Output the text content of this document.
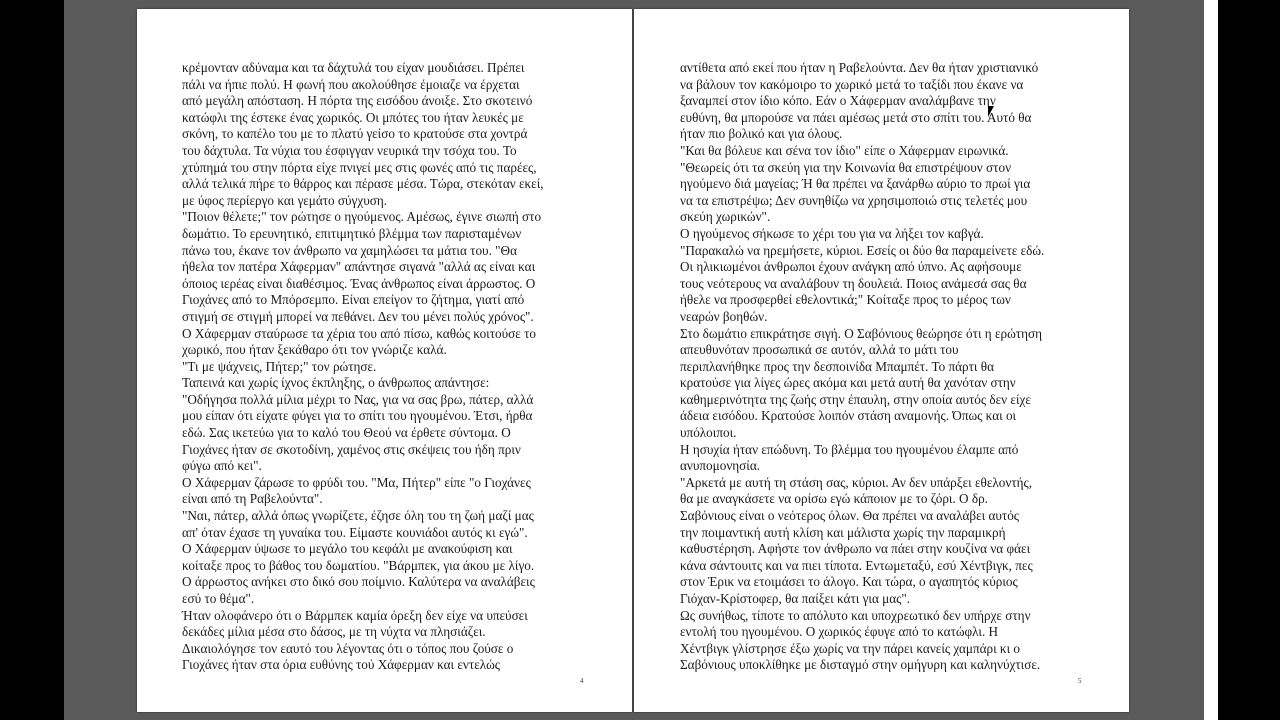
κρέμονταν αδύναμα και τα δάχτυλά του είχαν μουδιάσει. Πρέπει
πάλι να ήπιε πολύ. Η φωνή που ακολούθησε έμοιαζε να έρχεται
από μεγάλη απόσταση. Η πόρτα της εισόδου άνοιξε. Στο σκοτεινό
κατώφλι της έστεκε ένας χωρικός. Οι μπότες του ήταν λευκές με
σκόνη, το καπέλο του με το πλατύ γείσο το κρατούσε στα χοντρά
του δάχτυλα. Τα νύχια του έσφιγγαν νευρικά την τσόχα του. Το
χτύπημά του στην πόρτα είχε πνιγεί μες στις φωνές από τις παρέες,
αλλά τελικά πήρε το θάρρος και πέρασε μέσα. Τώρα, στεκόταν εκεί,
με ύφος περίεργο και γεμάτο σύγχυση.
"Ποιον θέλετε;" τον ρώτησε ο ηγούμενος. Αμέσως, έγινε σιωπή στο
δωμάτιο. Το ερευνητικό, επιτιμητικό βλέμμα των παρισταμένων
πάνω του, έκανε τον άνθρωπο να χαμηλώσει τα μάτια του. "Θα
ήθελα τον πατέρα Χάφερμαν" απάντησε σιγανά "αλλά ας είναι και
όποιος ιερέας είναι διαθέσιμος. Ένας άνθρωπος είναι άρρωστος. Ο
Γιοχάνες από το Μπόρσεμπο. Είναι επείγον το ζήτημα, γιατί από
στιγμή σε στιγμή μπορεί να πεθάνει. Δεν του μένει πολύς χρόνος".
Ο Χάφερμαν σταύρωσε τα χέρια του από πίσω, καθώς κοιτούσε το
χωρικό, που ήταν ξεκάθαρο ότι τον γνώριζε καλά.
"Τι με ψάχνεις, Πήτερ;" τον ρώτησε.
Ταπεινά και χωρίς ίχνος έκπληξης, ο άνθρωπος απάντησε:
"Οδήγησα πολλά μίλια μέχρι το Νας, για να σας βρω, πάτερ, αλλά
μου είπαν ότι είχατε φύγει για το σπίτι του ηγουμένου. Έτσι, ήρθα
εδώ. Σας ικετεύω για το καλό του Θεού να έρθετε σύντομα. Ο
Γιοχάνες ήταν σε σκοτοδίνη, χαμένος στις σκέψεις του ήδη πριν
φύγω από κει".
Ο Χάφερμαν ζάρωσε το φρύδι του. "Μα, Πήτερ" είπε "ο Γιοχάνες
είναι από τη Ραβελούντα".
"Ναι, πάτερ, αλλά όπως γνωρίζετε, έζησε όλη του τη ζωή μαζί μας
απ' όταν έχασε τη γυναίκα του. Είμαστε κουνιάδοι αυτός κι εγώ".
Ο Χάφερμαν ύψωσε το μεγάλο του κεφάλι με ανακούφιση και
κοίταξε προς το βάθος του δωματίου. "Βάρμπεκ, για άκου με λίγο.
Ο άρρωστος ανήκει στο δικό σου ποίμνιο. Καλύτερα να αναλάβεις
εσύ το θέμα".
Ήταν ολοφάνερο ότι ο Βάρμπεκ καμία όρεξη δεν είχε να υπεύσει
δεκάδες μίλια μέσα στο δάσος, με τη νύχτα να πλησιάζει.
Δικαιολόγησε τον εαυτό του λέγοντας ότι ο τόπος που ζούσε ο
Γιοχάνες ήταν στα όρια ευθύνης τού Χάφερμαν και εντελώς
4
αντίθετα από εκεί που ήταν η Ραβελούντα. Δεν θα ήταν χριστιανικό
να βάλουν τον κακόμοιρο το χωρικό μετά το ταξίδι που έκανε να
ξαναμπεί στον ίδιο κόπο. Εάν ο Χάφερμαν αναλάμβανε την
ευθύνη, θα μπορούσε να πάει αμέσως μετά στο σπίτι του. Αυτό θα
ήταν πιο βολικό και για όλους.
"Και θα βόλευε και σένα τον ίδιο" είπε ο Χάφερμαν ειρωνικά.
"Θεωρείς ότι τα σκεύη για την Κοινωνία θα επιστρέψουν στον
ηγούμενο διά μαγείας; Ή θα πρέπει να ξανάρθω αύριο το πρωί για
να τα επιστρέψω; Δεν συνηθίζω να χρησιμοποιώ στις τελετές μου
σκεύη χωρικών".
Ο ηγούμενος σήκωσε το χέρι του για να λήξει τον καβγά.
"Παρακαλώ να ηρεμήσετε, κύριοι. Εσείς οι δύο θα παραμείνετε εδώ.
Οι ηλικιωμένοι άνθρωποι έχουν ανάγκη από ύπνο. Ας αφήσουμε
τους νεότερους να αναλάβουν τη δουλειά. Ποιος ανάμεσά σας θα
ήθελε να προσφερθεί εθελοντικά;" Κοίταξε προς το μέρος των
νεαρών βοηθών.
Στο δωμάτιο επικράτησε σιγή. Ο Σαβόνιους θεώρησε ότι η ερώτηση
απευθυνόταν προσωπικά σε αυτόν, αλλά το μάτι του
περιπλανήθηκε προς την δεσποινίδα Μπαμπέτ. Το πάρτι θα
κρατούσε για λίγες ώρες ακόμα και μετά αυτή θα χανόταν στην
καθημερινότητα της ζωής στην έπαυλη, στην οποία αυτός δεν είχε
άδεια εισόδου. Κρατούσε λοιπόν στάση αναμονής. Όπως και οι
υπόλοιποι.
Η ησυχία ήταν επώδυνη. Το βλέμμα του ηγουμένου έλαμπε από
ανυπομονησία.
"Αρκετά με αυτή τη στάση σας, κύριοι. Αν δεν υπάρξει εθελοντής,
θα με αναγκάσετε να ορίσω εγώ κάποιον με το ζόρι. Ο δρ.
Σαβόνιους είναι ο νεότερος όλων. Θα πρέπει να αναλάβει αυτός
την ποιμαντική αυτή κλίση και μάλιστα χωρίς την παραμικρή
καθυστέρηση. Αφήστε τον άνθρωπο να πάει στην κουζίνα να φάει
κάνα σάντουιτς και να πιει τίποτα. Εντωμεταξύ, εσύ Χέντβιγκ, πες
στον Έρικ να ετοιμάσει το άλογο. Και τώρα, ο αγαπητός κύριος
Γιόχαν-Κρίστοφερ, θα παίξει κάτι για μας".
Ως συνήθως, τίποτε το απόλυτο και υποχρεωτικό δεν υπήρχε στην
εντολή του ηγουμένου. Ο χωρικός έφυγε από το κατώφλι. Η
Χέντβιγκ γλίστρησε έξω χωρίς να την πάρει κανείς χαμπάρι κι ο
Σαβόνιους υποκλίθηκε με δισταγμό στην ομήγυρη και καληνύχτισε.
5
